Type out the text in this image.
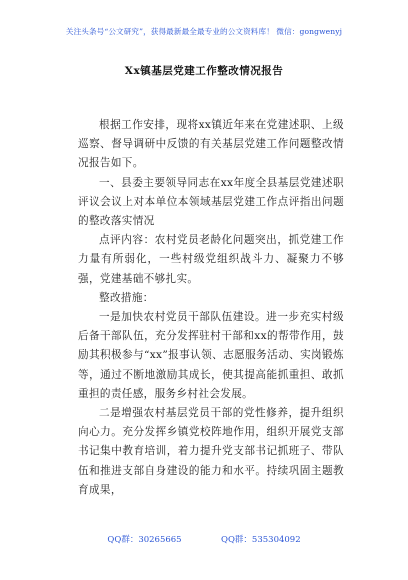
关注头条号“公文研究”，获得最新最全最专业的公文资料库！ 微信：gongwenyj
Xx镇基层党建工作整改情况报告

根据工作安排，现将xx镇近年来在党建述职、上级巡察、督导调研中反馈的有关基层党建工作问题整改情况报告如下。

一、县委主要领导同志在xx年度全县基层党建述职评议会议上对本单位本领域基层党建工作点评指出问题的整改落实情况

点评内容：农村党员老龄化问题突出，抓党建工作力量有所弱化，一些村级党组织战斗力、凝聚力不够强，党建基础不够扎实。

整改措施：

一是加快农村党员干部队伍建设。进一步充实村级后备干部队伍，充分发挥驻村干部和xx的帮带作用，鼓励其积极参与“xx”报事认领、志愿服务活动、实岗锻炼等，通过不断地激励其成长，使其提高能抓重担、敢抓重担的责任感，服务乡村社会发展。

二是增强农村基层党员干部的党性修养，提升组织向心力。充分发挥乡镇党校阵地作用，组织开展党支部书记集中教育培训，着力提升党支部书记抓班子、带队伍和推进支部自身建设的能力和水平。持续巩固主题教育成果，

QQ群：30265665	QQ群：535304092
